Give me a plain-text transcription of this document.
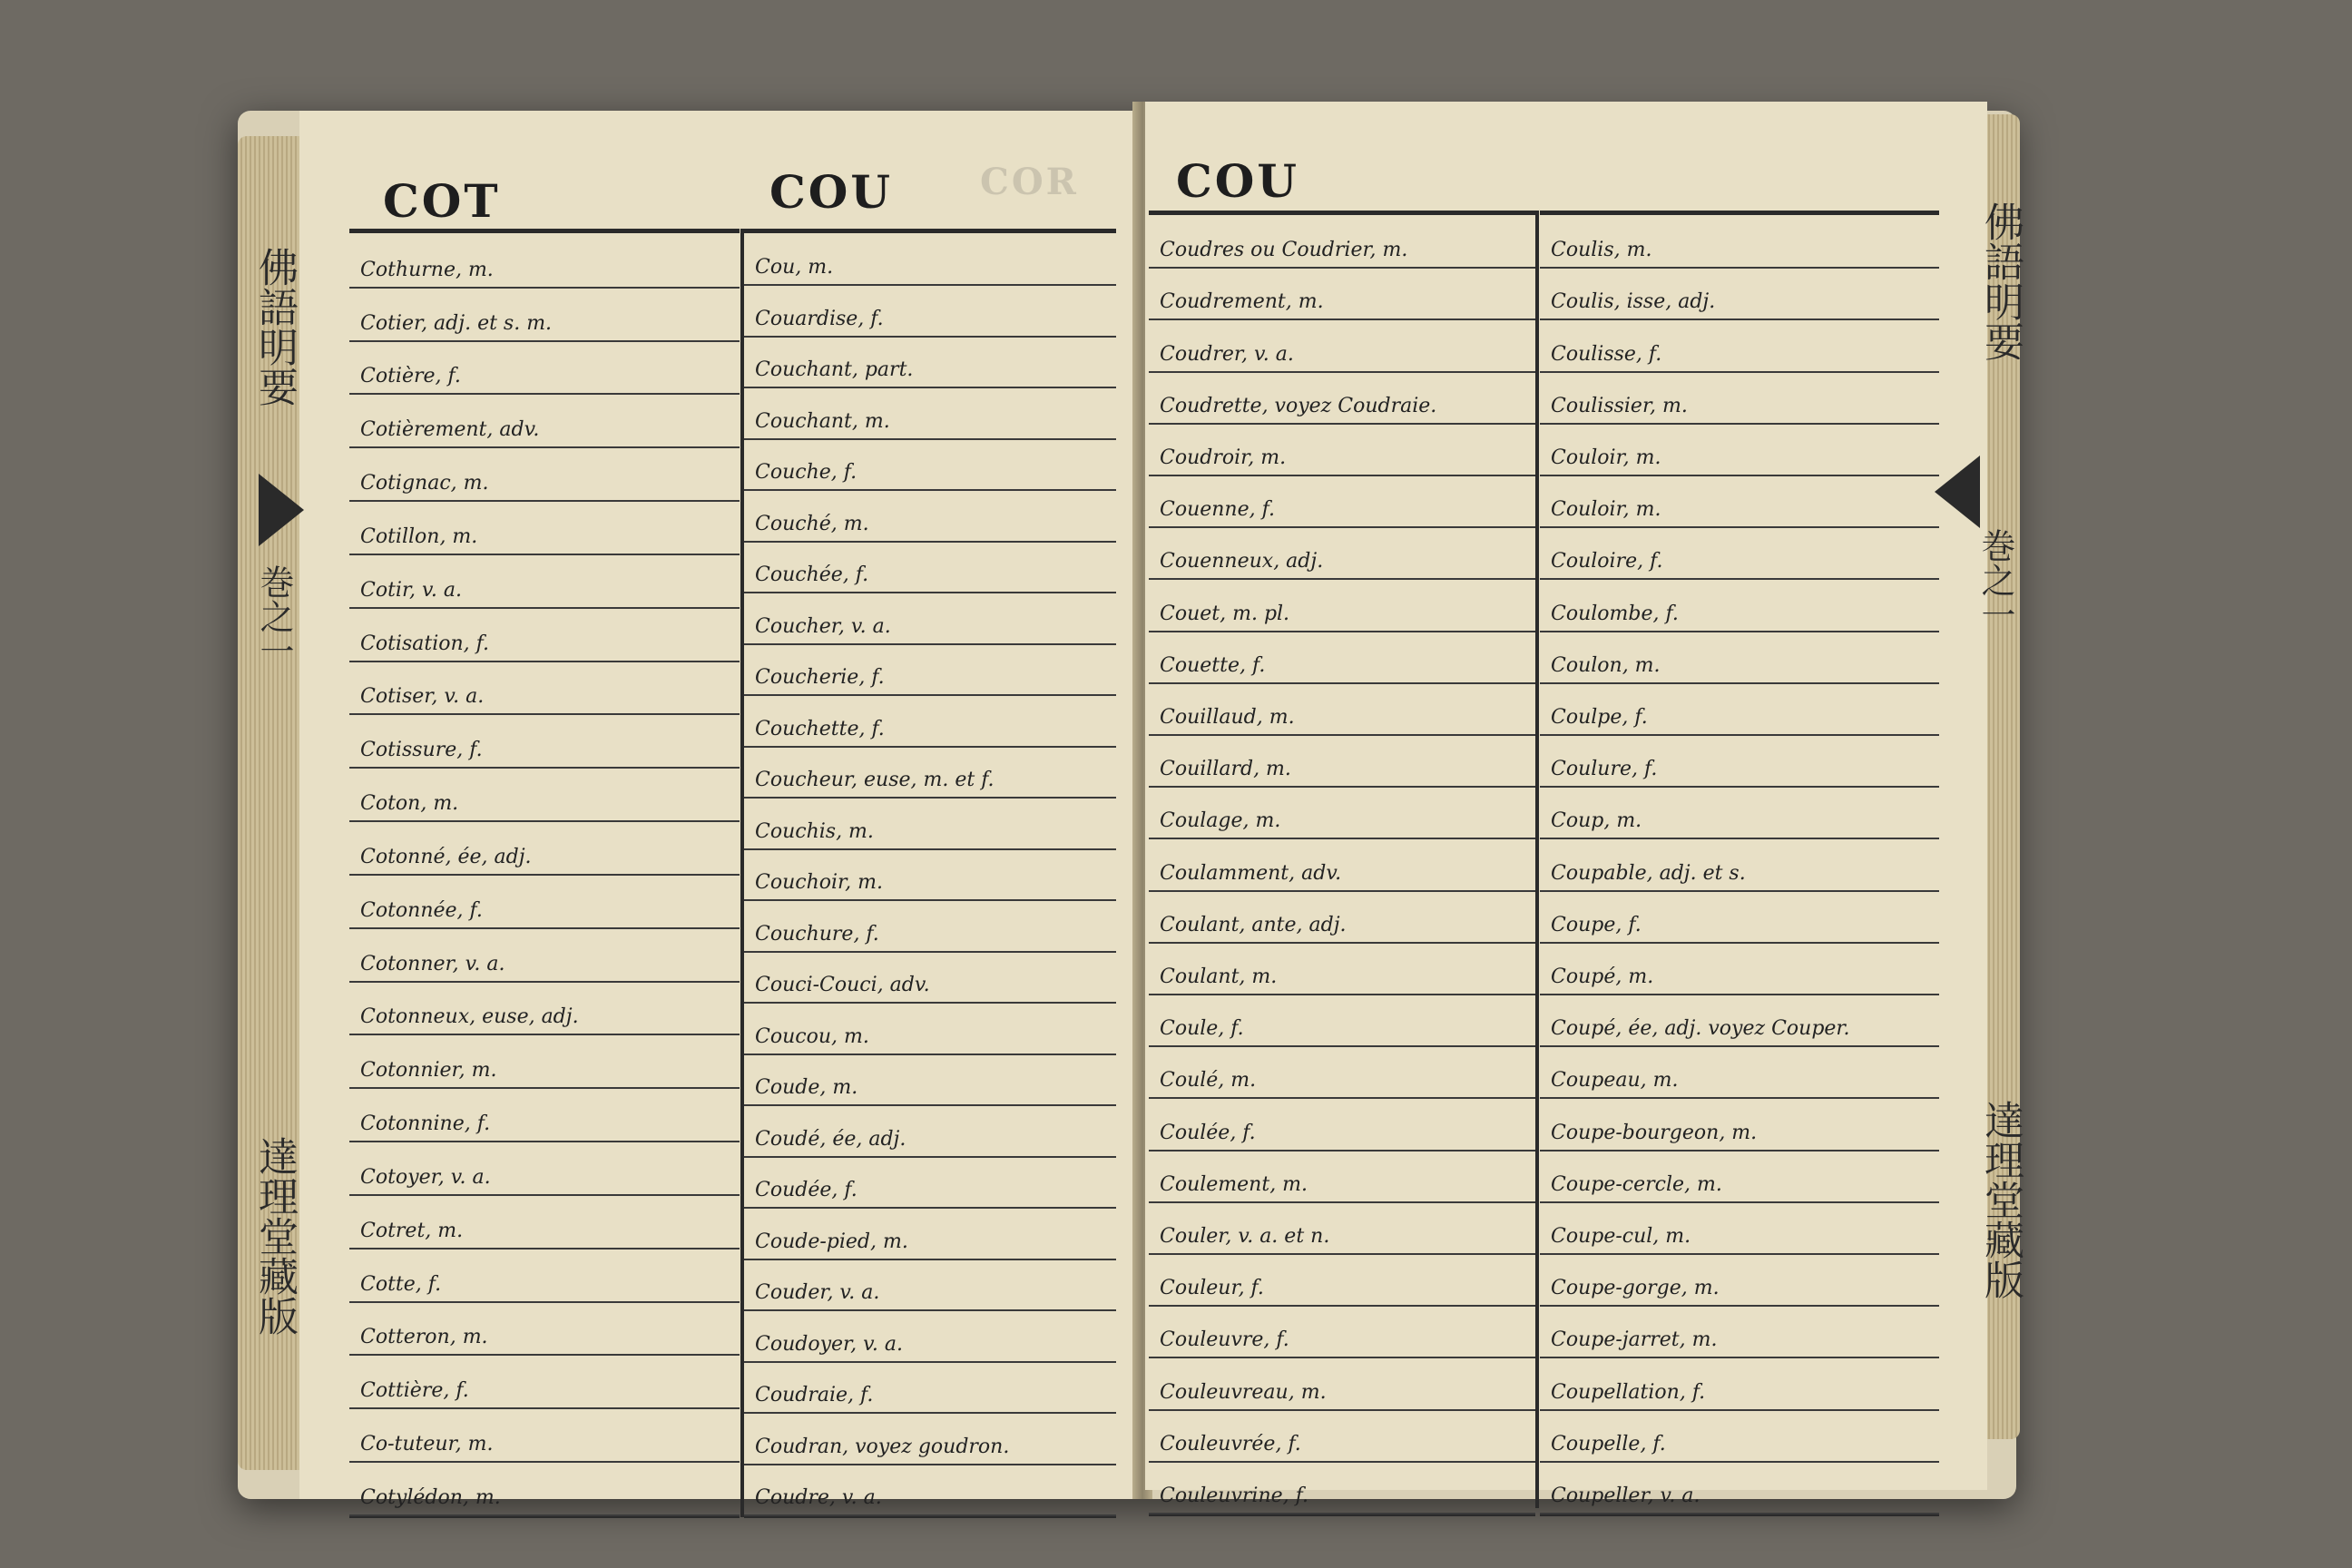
COT	COU COR
佛語明要
巻之一
達理堂藏版
Cothurne, m.
Cotier, adj. et s. m.
Cotière, f.
Cotièrement, adv.
Cotignac, m.
Cotillon, m.
Cotir, v. a.
Cotisation, f.
Cotiser, v. a.
Cotissure, f.
Coton, m.
Cotonné, ée, adj.
Cotonnée, f.
Cotonner, v. a.
Cotonneux, euse, adj.
Cotonnier, m.
Cotonnine, f.
Cotoyer, v. a.
Cotret, m.
Cotte, f.
Cotteron, m.
Cottière, f.
Co-tuteur, m.
Cotylédon, m.
Cou, m.
Couardise, f.
Couchant, part.
Couchant, m.
Couche, f.
Couché, m.
Couchée, f.
Coucher, v. a.
Coucherie, f.
Couchette, f.
Coucheur, euse, m. et f.
Couchis, m.
Couchoir, m.
Couchure, f.
Couci-Couci, adv.
Coucou, m.
Coude, m.
Coudé, ée, adj.
Coudée, f.
Coude-pied, m.
Couder, v. a.
Coudoyer, v. a.
Coudraie, f.
Coudran, voyez goudron.
Coudre, v. a.
COU
佛語明要
巻之一
達理堂藏版
Coudres ou Coudrier, m.
Coudrement, m.
Coudrer, v. a.
Coudrette, voyez Coudraie.
Coudroir, m.
Couenne, f.
Couenneux, adj.
Couet, m. pl.
Couette, f.
Couillaud, m.
Couillard, m.
Coulage, m.
Coulamment, adv.
Coulant, ante, adj.
Coulant, m.
Coule, f.
Coulé, m.
Coulée, f.
Coulement, m.
Couler, v. a. et n.
Couleur, f.
Couleuvre, f.
Couleuvreau, m.
Couleuvrée, f.
Couleuvrine, f.
Coulis, m.
Coulis, isse, adj.
Coulisse, f.
Coulissier, m.
Couloir, m.
Couloir, m.
Couloire, f.
Coulombe, f.
Coulon, m.
Coulpe, f.
Coulure, f.
Coup, m.
Coupable, adj. et s.
Coupe, f.
Coupé, m.
Coupé, ée, adj. voyez Couper.
Coupeau, m.
Coupe-bourgeon, m.
Coupe-cercle, m.
Coupe-cul, m.
Coupe-gorge, m.
Coupe-jarret, m.
Coupellation, f.
Coupelle, f.
Coupeller, v. a.
